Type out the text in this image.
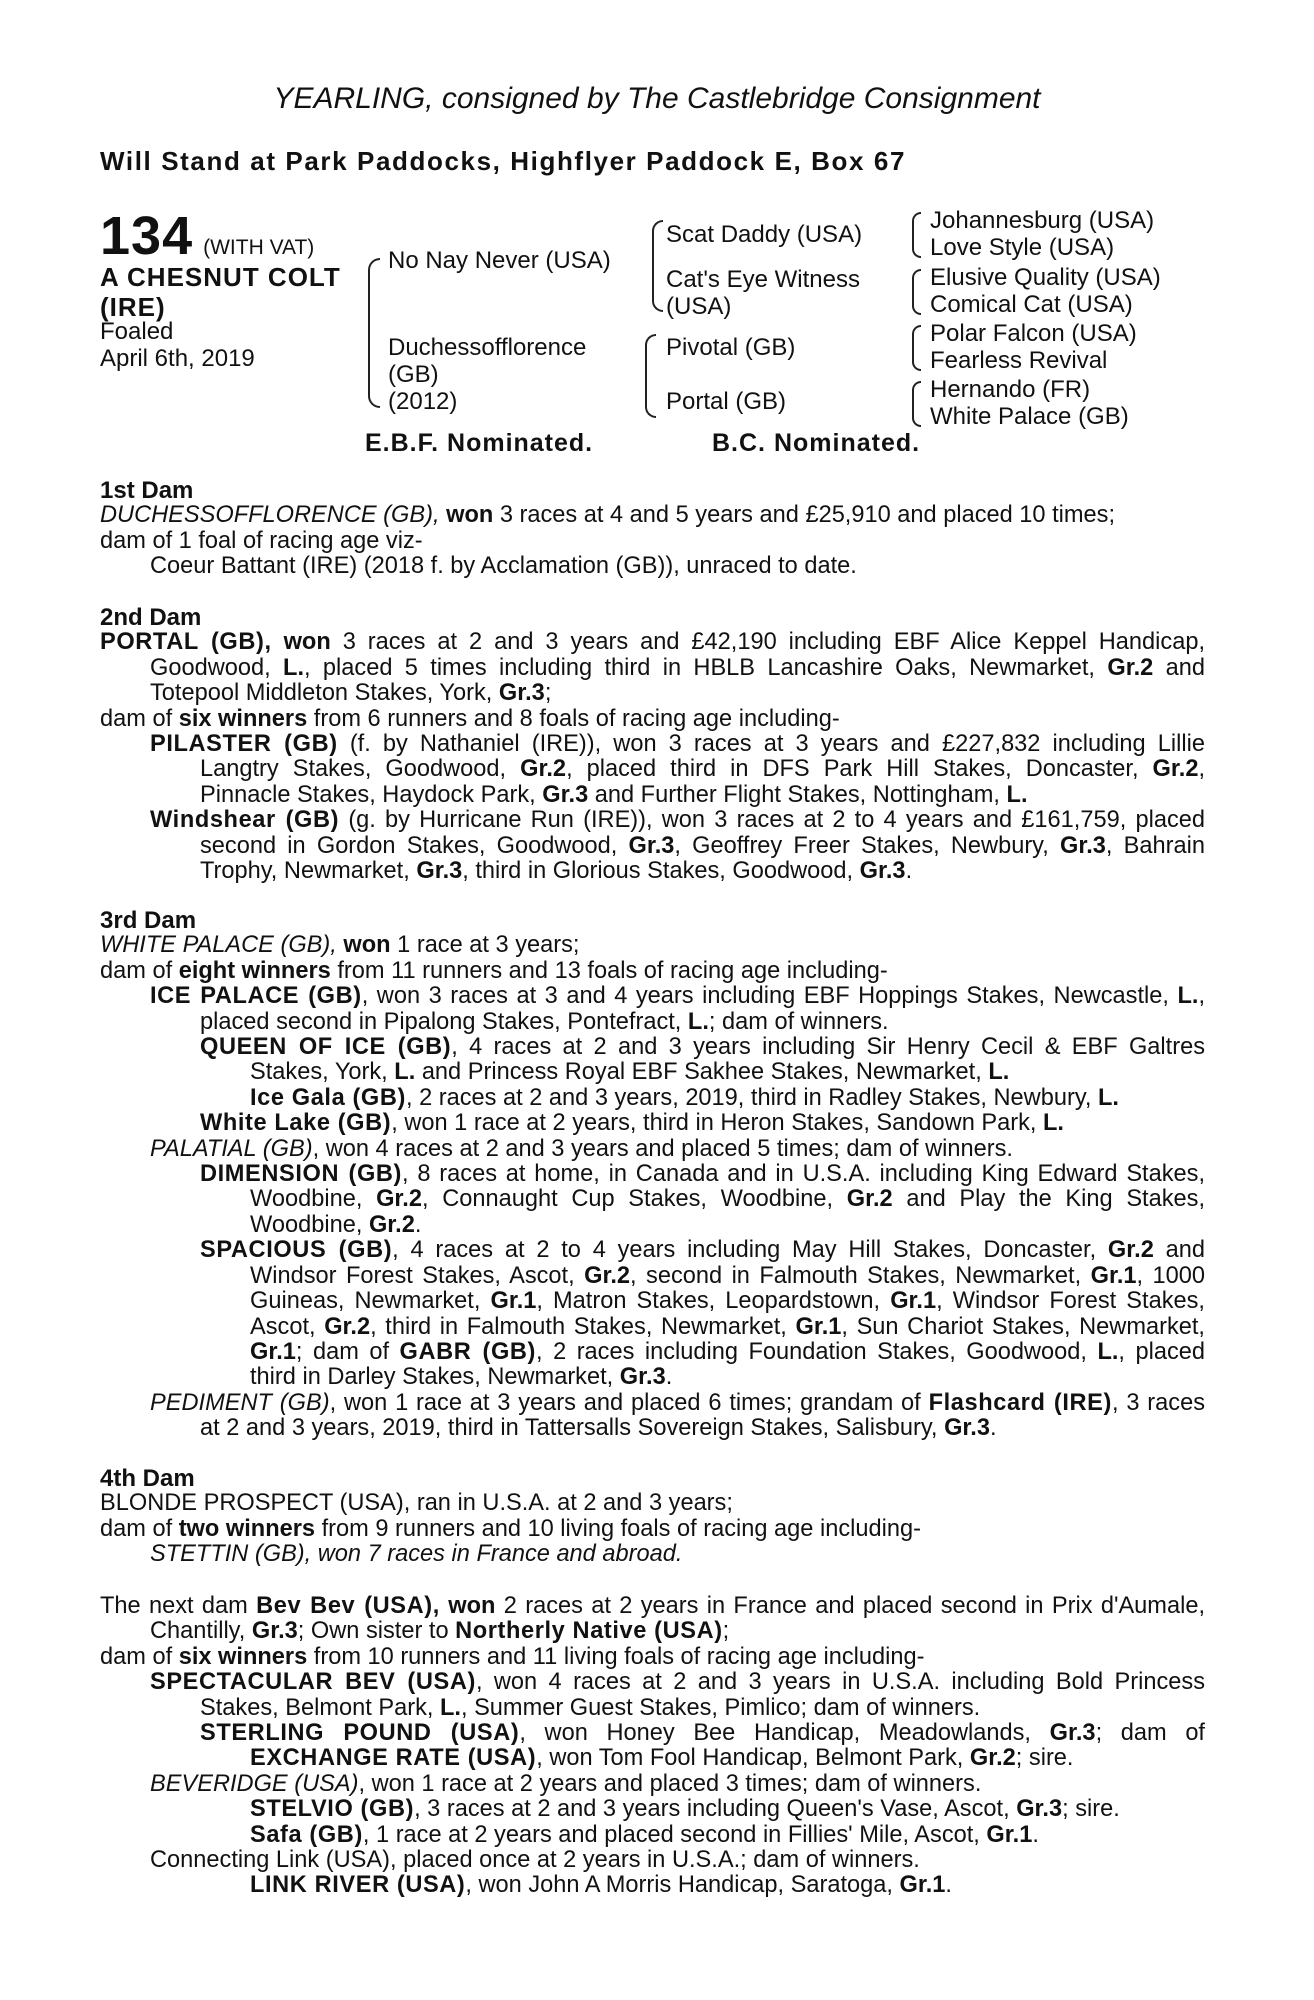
YEARLING, consigned by The Castlebridge Consignment
Will Stand at Park Paddocks, Highflyer Paddock E, Box 67
134 (WITH VAT)
A CHESNUT COLT
(IRE)
Foaled
April 6th, 2019
No Nay Never (USA)
Duchessofflorence
(GB)
(2012)
Scat Daddy (USA)
Cat's Eye Witness
(USA)
Pivotal (GB)
Portal (GB)
Johannesburg (USA)
Love Style (USA)
Elusive Quality (USA)
Comical Cat (USA)
Polar Falcon (USA)
Fearless Revival
Hernando (FR)
White Palace (GB)
E.B.F. Nominated.	B.C. Nominated.
1st Dam
DUCHESSOFFLORENCE (GB), won 3 races at 4 and 5 years and £25,910 and placed 10 times;
dam of 1 foal of racing age viz-
Coeur Battant (IRE) (2018 f. by Acclamation (GB)), unraced to date.
2nd Dam
PORTAL (GB), won 3 races at 2 and 3 years and £42,190 including EBF Alice Keppel Handicap, Goodwood, L., placed 5 times including third in HBLB Lancashire Oaks, Newmarket, Gr.2 and Totepool Middleton Stakes, York, Gr.3;
dam of six winners from 6 runners and 8 foals of racing age including-
PILASTER (GB) (f. by Nathaniel (IRE)), won 3 races at 3 years and £227,832 including Lillie Langtry Stakes, Goodwood, Gr.2, placed third in DFS Park Hill Stakes, Doncaster, Gr.2, Pinnacle Stakes, Haydock Park, Gr.3 and Further Flight Stakes, Nottingham, L.
Windshear (GB) (g. by Hurricane Run (IRE)), won 3 races at 2 to 4 years and £161,759, placed second in Gordon Stakes, Goodwood, Gr.3, Geoffrey Freer Stakes, Newbury, Gr.3, Bahrain Trophy, Newmarket, Gr.3, third in Glorious Stakes, Goodwood, Gr.3.
3rd Dam
WHITE PALACE (GB), won 1 race at 3 years;
dam of eight winners from 11 runners and 13 foals of racing age including-
ICE PALACE (GB), won 3 races at 3 and 4 years including EBF Hoppings Stakes, Newcastle, L., placed second in Pipalong Stakes, Pontefract, L.; dam of winners.
QUEEN OF ICE (GB), 4 races at 2 and 3 years including Sir Henry Cecil & EBF Galtres Stakes, York, L. and Princess Royal EBF Sakhee Stakes, Newmarket, L.
Ice Gala (GB), 2 races at 2 and 3 years, 2019, third in Radley Stakes, Newbury, L.
White Lake (GB), won 1 race at 2 years, third in Heron Stakes, Sandown Park, L.
PALATIAL (GB), won 4 races at 2 and 3 years and placed 5 times; dam of winners.
DIMENSION (GB), 8 races at home, in Canada and in U.S.A. including King Edward Stakes, Woodbine, Gr.2, Connaught Cup Stakes, Woodbine, Gr.2 and Play the King Stakes, Woodbine, Gr.2.
SPACIOUS (GB), 4 races at 2 to 4 years including May Hill Stakes, Doncaster, Gr.2 and Windsor Forest Stakes, Ascot, Gr.2, second in Falmouth Stakes, Newmarket, Gr.1, 1000 Guineas, Newmarket, Gr.1, Matron Stakes, Leopardstown, Gr.1, Windsor Forest Stakes, Ascot, Gr.2, third in Falmouth Stakes, Newmarket, Gr.1, Sun Chariot Stakes, Newmarket, Gr.1; dam of GABR (GB), 2 races including Foundation Stakes, Goodwood, L., placed third in Darley Stakes, Newmarket, Gr.3.
PEDIMENT (GB), won 1 race at 3 years and placed 6 times; grandam of Flashcard (IRE), 3 races at 2 and 3 years, 2019, third in Tattersalls Sovereign Stakes, Salisbury, Gr.3.
4th Dam
BLONDE PROSPECT (USA), ran in U.S.A. at 2 and 3 years;
dam of two winners from 9 runners and 10 living foals of racing age including-
STETTIN (GB), won 7 races in France and abroad.
The next dam Bev Bev (USA), won 2 races at 2 years in France and placed second in Prix d'Aumale, Chantilly, Gr.3; Own sister to Northerly Native (USA);
dam of six winners from 10 runners and 11 living foals of racing age including-
SPECTACULAR BEV (USA), won 4 races at 2 and 3 years in U.S.A. including Bold Princess Stakes, Belmont Park, L., Summer Guest Stakes, Pimlico; dam of winners.
STERLING POUND (USA), won Honey Bee Handicap, Meadowlands, Gr.3; dam of EXCHANGE RATE (USA), won Tom Fool Handicap, Belmont Park, Gr.2; sire.
BEVERIDGE (USA), won 1 race at 2 years and placed 3 times; dam of winners.
STELVIO (GB), 3 races at 2 and 3 years including Queen's Vase, Ascot, Gr.3; sire.
Safa (GB), 1 race at 2 years and placed second in Fillies' Mile, Ascot, Gr.1.
Connecting Link (USA), placed once at 2 years in U.S.A.; dam of winners.
LINK RIVER (USA), won John A Morris Handicap, Saratoga, Gr.1.
